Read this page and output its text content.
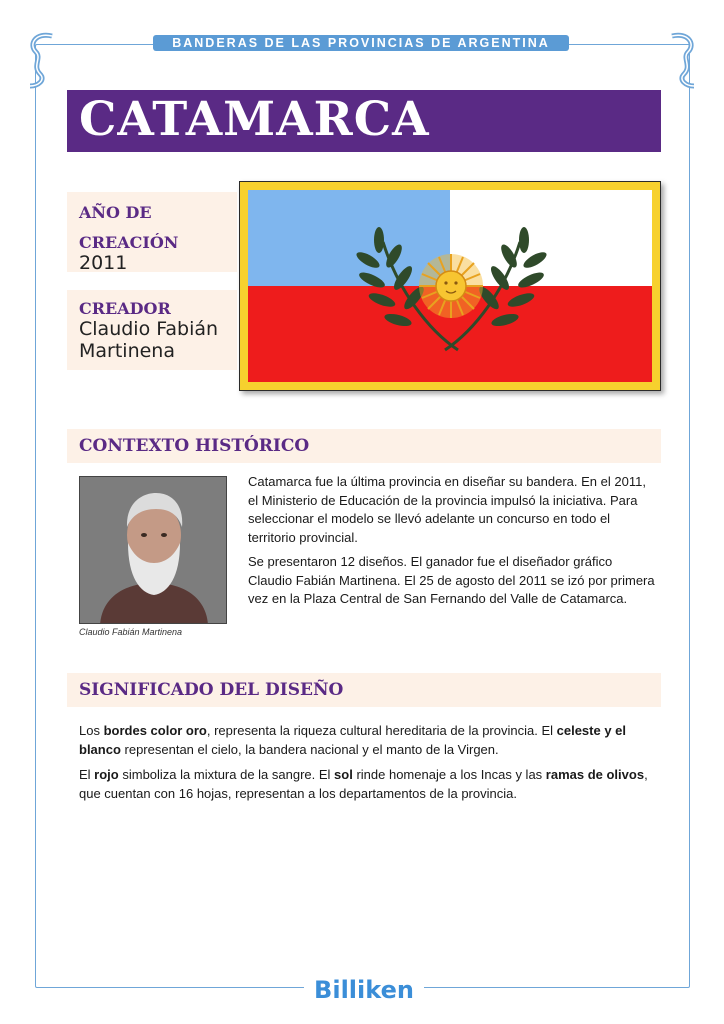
BANDERAS DE LAS PROVINCIAS DE ARGENTINA
CATAMARCA
AÑO DE
CREACIÓN
2011
CREADOR
Claudio Fabián
Martinena
CONTEXTO HISTÓRICO
Claudio Fabián Martinena

Catamarca fue la última provincia en diseñar su bandera. En el 2011, el Ministerio de Educación de la provincia impulsó la iniciativa. Para seleccionar el modelo se llevó adelante un concurso en todo el territorio provincial.

Se presentaron 12 diseños. El ganador fue el diseñador gráfico Claudio Fabián Martinena. El 25 de agosto del 2011 se izó por primera vez en la Plaza Central de San Fernando del Valle de Catamarca.

SIGNIFICADO DEL DISEÑO

Los bordes color oro, representa la riqueza cultural hereditaria de la provincia. El celeste y el blanco representan el cielo, la bandera nacional y el manto de la Virgen.

El rojo simboliza la mixtura de la sangre. El sol rinde homenaje a los Incas y las ramas de olivos, que cuentan con 16 hojas, representan a los departamentos de la provincia.

Billiken
